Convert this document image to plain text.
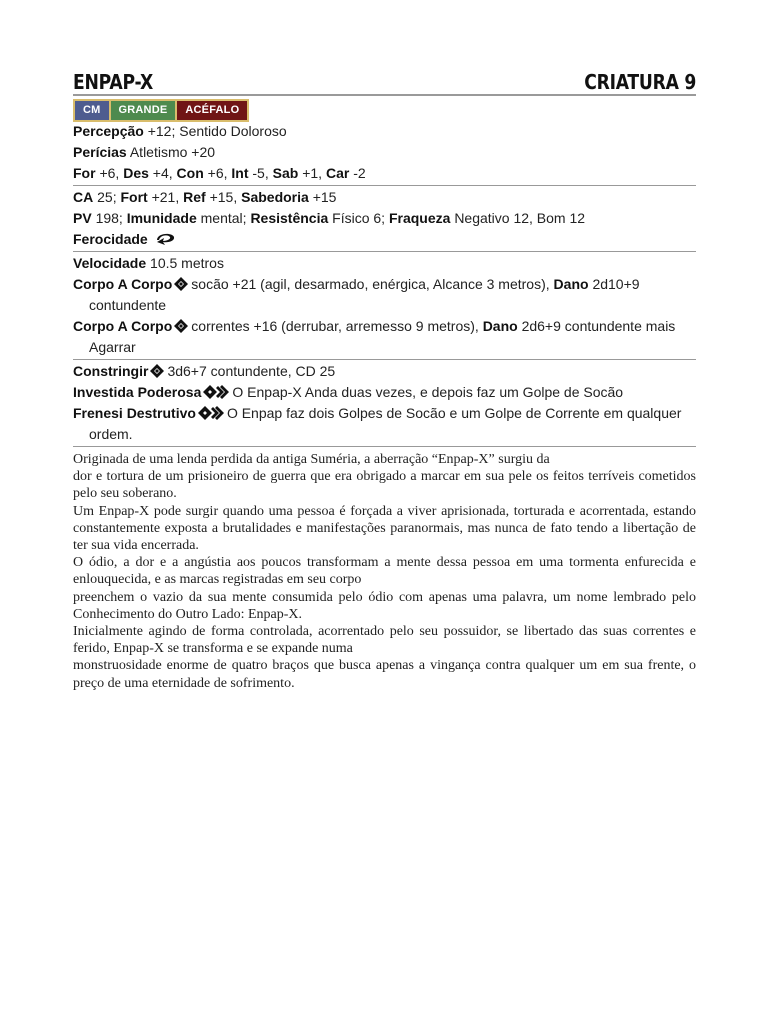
ENPAP-X	CRIATURA 9
CM	GRANDE	ACÉFALO
Percepção +12; Sentido Doloroso
Perícias Atletismo +20
For +6, Des +4, Con +6, Int -5, Sab +1, Car -2
CA 25; Fort +21, Ref +15, Sabedoria +15
PV 198; Imunidade mental; Resistência Físico 6; Fraqueza Negativo 12, Bom 12
Ferocidade
Velocidade 10.5 metros
Corpo A Corpo socão +21 (agil, desarmado, enérgica, Alcance 3 metros), Dano 2d10+9
contundente
Corpo A Corpo correntes +16 (derrubar, arremesso 9 metros), Dano 2d6+9 contundente mais
Agarrar
Constringir 3d6+7 contundente, CD 25
Investida Poderosa O Enpap-X Anda duas vezes, e depois faz um Golpe de Socão
Frenesi Destrutivo O Enpap faz dois Golpes de Socão e um Golpe de Corrente em qualquer
ordem.

Originada de uma lenda perdida da antiga Suméria, a aberração “Enpap-X” surgiu da

dor e tortura de um prisioneiro de guerra que era obrigado a marcar em sua pele os feitos terríveis cometidos pelo seu soberano.

Um Enpap-X pode surgir quando uma pessoa é forçada a viver aprisionada, torturada e acorrentada, estando constantemente exposta a brutalidades e manifestações paranormais, mas nunca de fato tendo a libertação de ter sua vida encerrada.

O ódio, a dor e a angústia aos poucos transformam a mente dessa pessoa em uma tormenta enfurecida e enlouquecida, e as marcas registradas em seu corpo

preenchem o vazio da sua mente consumida pelo ódio com apenas uma palavra, um nome lembrado pelo Conhecimento do Outro Lado: Enpap-X.

Inicialmente agindo de forma controlada, acorrentado pelo seu possuidor, se libertado das suas correntes e ferido, Enpap-X se transforma e se expande numa

monstruosidade enorme de quatro braços que busca apenas a vingança contra qualquer um em sua frente, o preço de uma eternidade de sofrimento.
